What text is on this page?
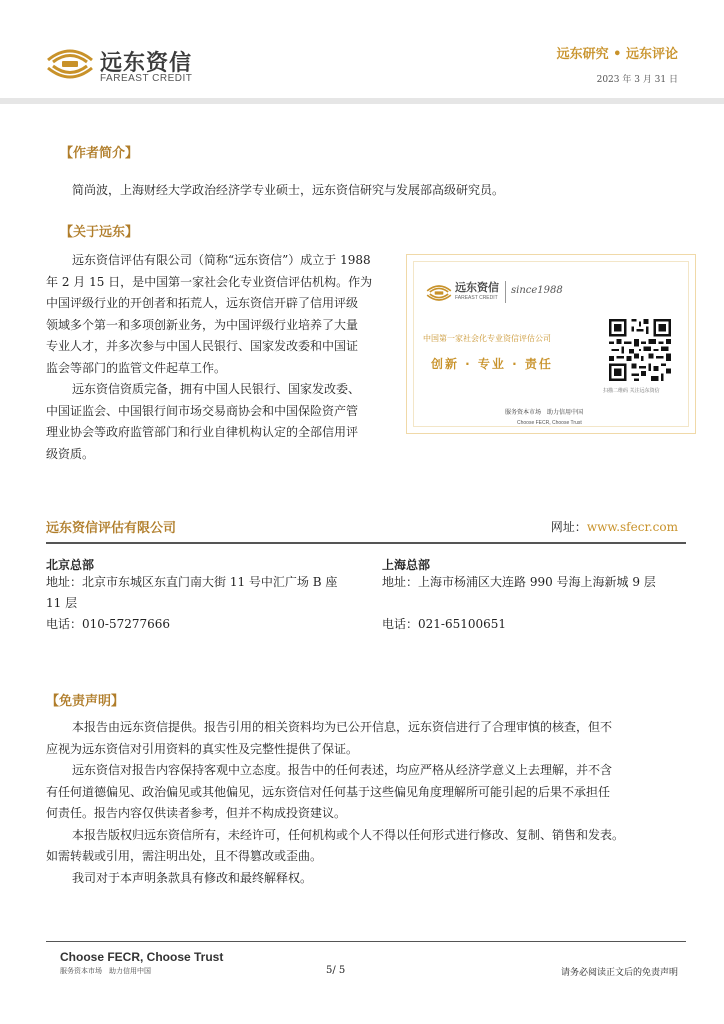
远东资信
FAREAST CREDIT
远东研究 • 远东评论
2023 年 3 月 31 日
【作者简介】
简尚波，上海财经大学政治经济学专业硕士，远东资信研究与发展部高级研究员。
【关于远东】
远东资信评估有限公司（简称“远东资信”）成立于 1988
年 2 月 15 日，是中国第一家社会化专业资信评估机构。作为
中国评级行业的开创者和拓荒人，远东资信开辟了信用评级
领域多个第一和多项创新业务，为中国评级行业培养了大量
专业人才，并多次参与中国人民银行、国家发改委和中国证
监会等部门的监管文件起草工作。
远东资信资质完备，拥有中国人民银行、国家发改委、
中国证监会、中国银行间市场交易商协会和中国保险资产管
理业协会等政府监管部门和行业自律机构认定的全部信用评
级资质。
远东资信
FAREAST CREDIT
since1988
中国第一家社会化专业资信评估公司
创新 · 专业 · 责任
扫描二维码 关注远东资信
服务资本市场　助力信用中国
Choose FECR, Choose Trust
远东资信评估有限公司	网址：www.sfecr.com
北京总部
地址：北京市东城区东直门南大街 11 号中汇广场 B 座
11 层
电话：010-57277666
上海总部
地址：上海市杨浦区大连路 990 号海上海新城 9 层
电话：021-65100651
【免责声明】
本报告由远东资信提供。报告引用的相关资料均为已公开信息，远东资信进行了合理审慎的核查，但不
应视为远东资信对引用资料的真实性及完整性提供了保证。
远东资信对报告内容保持客观中立态度。报告中的任何表述，均应严格从经济学意义上去理解，并不含
有任何道德偏见、政治偏见或其他偏见，远东资信对任何基于这些偏见角度理解所可能引起的后果不承担任
何责任。报告内容仅供读者参考，但并不构成投资建议。
本报告版权归远东资信所有，未经许可，任何机构或个人不得以任何形式进行修改、复制、销售和发表。
如需转载或引用，需注明出处，且不得篡改或歪曲。
我司对于本声明条款具有修改和最终解释权。
Choose FECR, Choose Trust
服务资本市场　助力信用中国	5/ 5	请务必阅读正文后的免责声明
